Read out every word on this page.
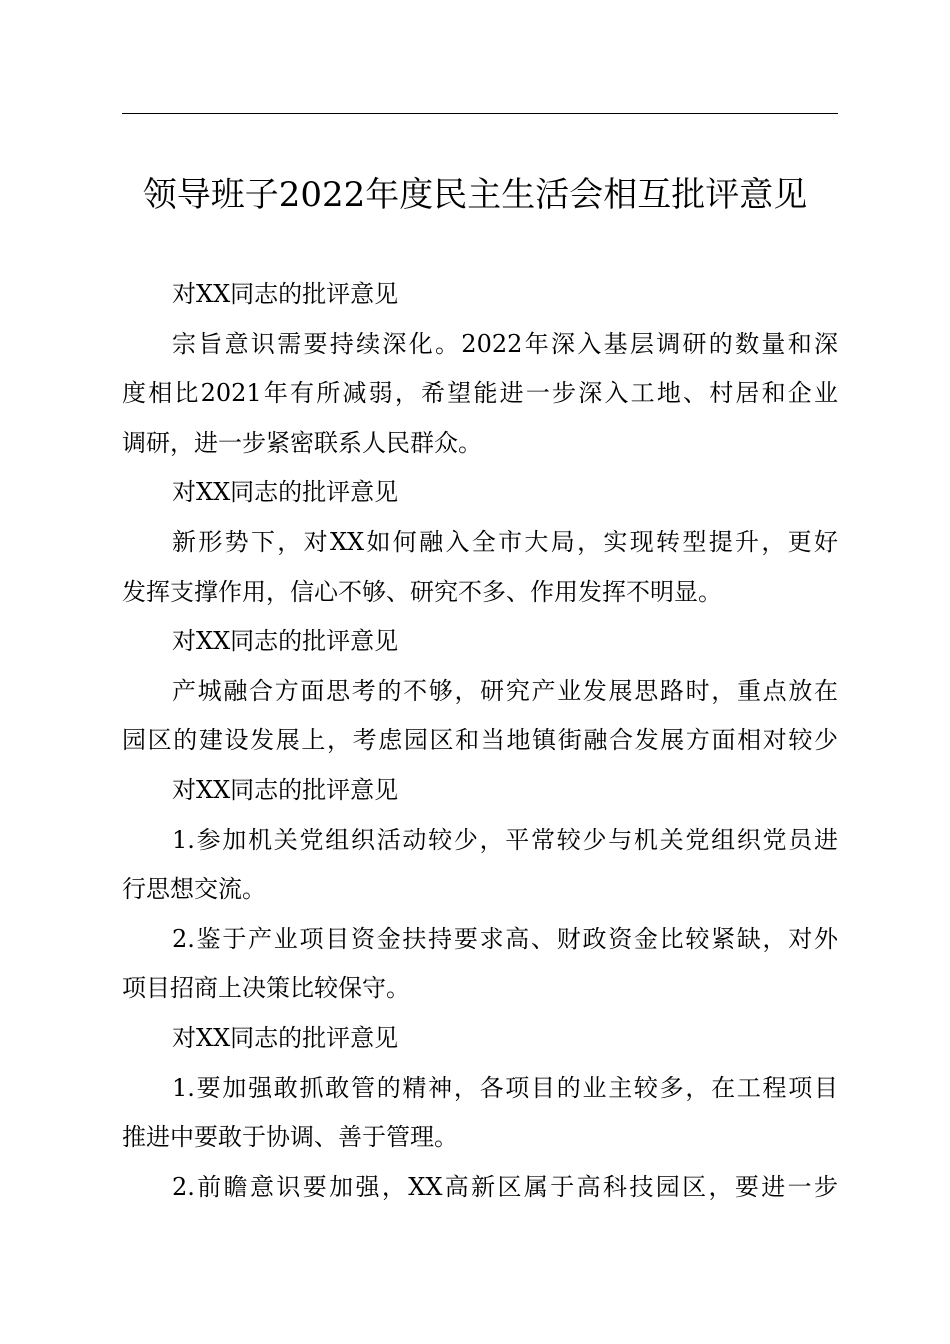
领导班子2022年度民主生活会相互批评意见
对XX同志的批评意见
宗旨意识需要持续深化。2022年深入基层调研的数量和深
度相比2021年有所减弱，希望能进一步深入工地、村居和企业
调研，进一步紧密联系人民群众。
对XX同志的批评意见
新形势下，对XX如何融入全市大局，实现转型提升，更好
发挥支撑作用，信心不够、研究不多、作用发挥不明显。
对XX同志的批评意见
产城融合方面思考的不够，研究产业发展思路时，重点放在
园区的建设发展上，考虑园区和当地镇街融合发展方面相对较少
对XX同志的批评意见
1.参加机关党组织活动较少，平常较少与机关党组织党员进
行思想交流。
2.鉴于产业项目资金扶持要求高、财政资金比较紧缺，对外
项目招商上决策比较保守。
对XX同志的批评意见
1.要加强敢抓敢管的精神，各项目的业主较多，在工程项目
推进中要敢于协调、善于管理。
2.前瞻意识要加强，XX高新区属于高科技园区，要进一步
